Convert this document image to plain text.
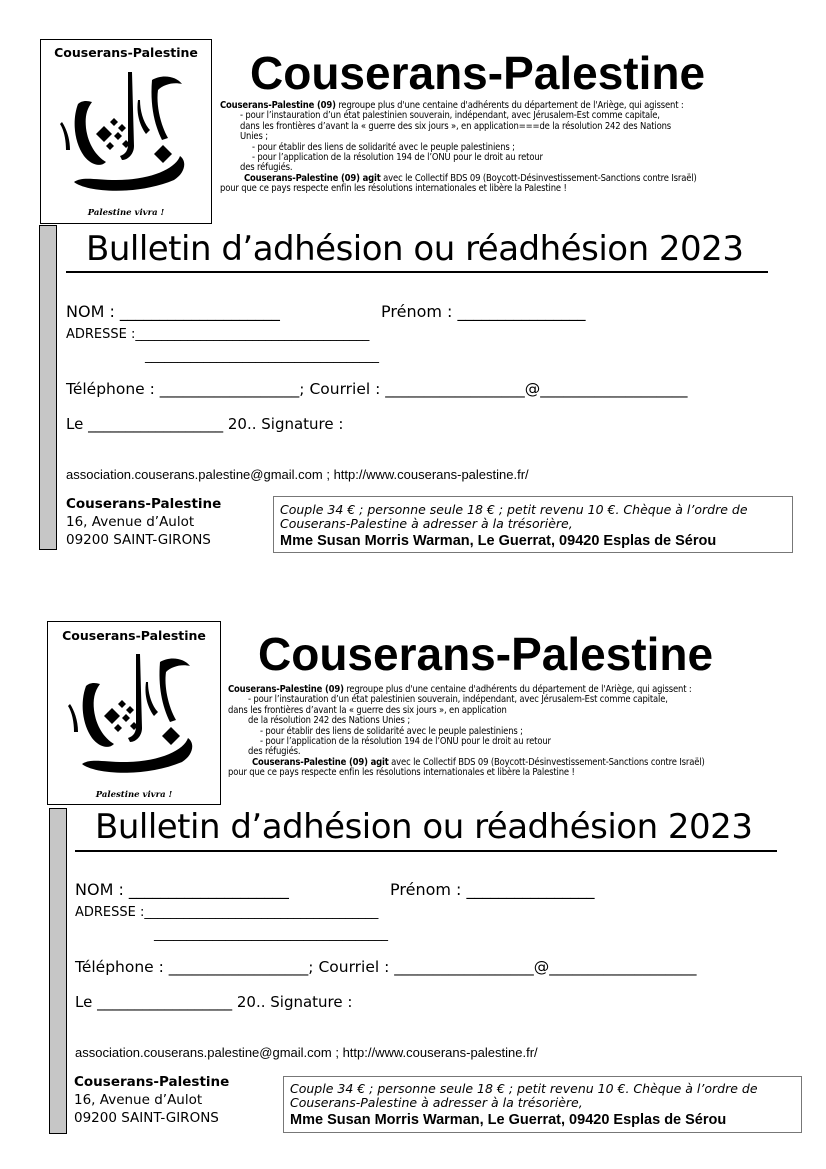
Couserans-Palestine
Palestine vivra !
Couserans-Palestine
Couserans-Palestine (09) regroupe plus d'une centaine d'adhérents du département de l'Ariège, qui agissent :
- pour l’instauration d’un état palestinien souverain, indépendant, avec Jérusalem-Est comme capitale,
dans les frontières d’avant la « guerre des six jours », en application===de la résolution 242 des Nations
Unies ;
- pour établir des liens de solidarité avec le peuple palestiniens ;
- pour l’application de la résolution 194 de l’ONU pour le droit au retour
des réfugiés.
Couserans-Palestine (09) agit avec le Collectif BDS 09 (Boycott-Désinvestissement-Sanctions contre Israël)
pour que ce pays respecte enfin les résolutions internationales et libère la Palestine !
Bulletin d’adhésion ou réadhésion 2023
NOM : ____________________	Prénom : ________________
ADRESSE :____________________________________
____________________________________
Téléphone : __________________; Courriel : __________________@___________________
Le __________________ 20.. Signature :
association.couserans.palestine@gmail.com ; http://www.couserans-palestine.fr/
Couserans-Palestine
16, Avenue d’Aulot
09200 SAINT-GIRONS
Couple 34 € ; personne seule 18 € ; petit revenu 10 €. Chèque à l’ordre de
Couserans-Palestine à adresser à la trésorière,
Mme Susan Morris Warman, Le Guerrat, 09420 Esplas de Sérou
Couserans-Palestine
Palestine vivra !
Couserans-Palestine
Couserans-Palestine (09) regroupe plus d'une centaine d'adhérents du département de l'Ariège, qui agissent :
- pour l’instauration d’un état palestinien souverain, indépendant, avec Jérusalem-Est comme capitale,
dans les frontières d’avant la « guerre des six jours », en application
de la résolution 242 des Nations Unies ;
- pour établir des liens de solidarité avec le peuple palestiniens ;
- pour l’application de la résolution 194 de l’ONU pour le droit au retour
des réfugiés.
Couserans-Palestine (09) agit avec le Collectif BDS 09 (Boycott-Désinvestissement-Sanctions contre Israël)
pour que ce pays respecte enfin les résolutions internationales et libère la Palestine !
Bulletin d’adhésion ou réadhésion 2023
NOM : ____________________	Prénom : ________________
ADRESSE :____________________________________
____________________________________
Téléphone : __________________; Courriel : __________________@___________________
Le __________________ 20.. Signature :
association.couserans.palestine@gmail.com ; http://www.couserans-palestine.fr/
Couserans-Palestine
16, Avenue d’Aulot
09200 SAINT-GIRONS
Couple 34 € ; personne seule 18 € ; petit revenu 10 €. Chèque à l’ordre de
Couserans-Palestine à adresser à la trésorière,
Mme Susan Morris Warman, Le Guerrat, 09420 Esplas de Sérou
